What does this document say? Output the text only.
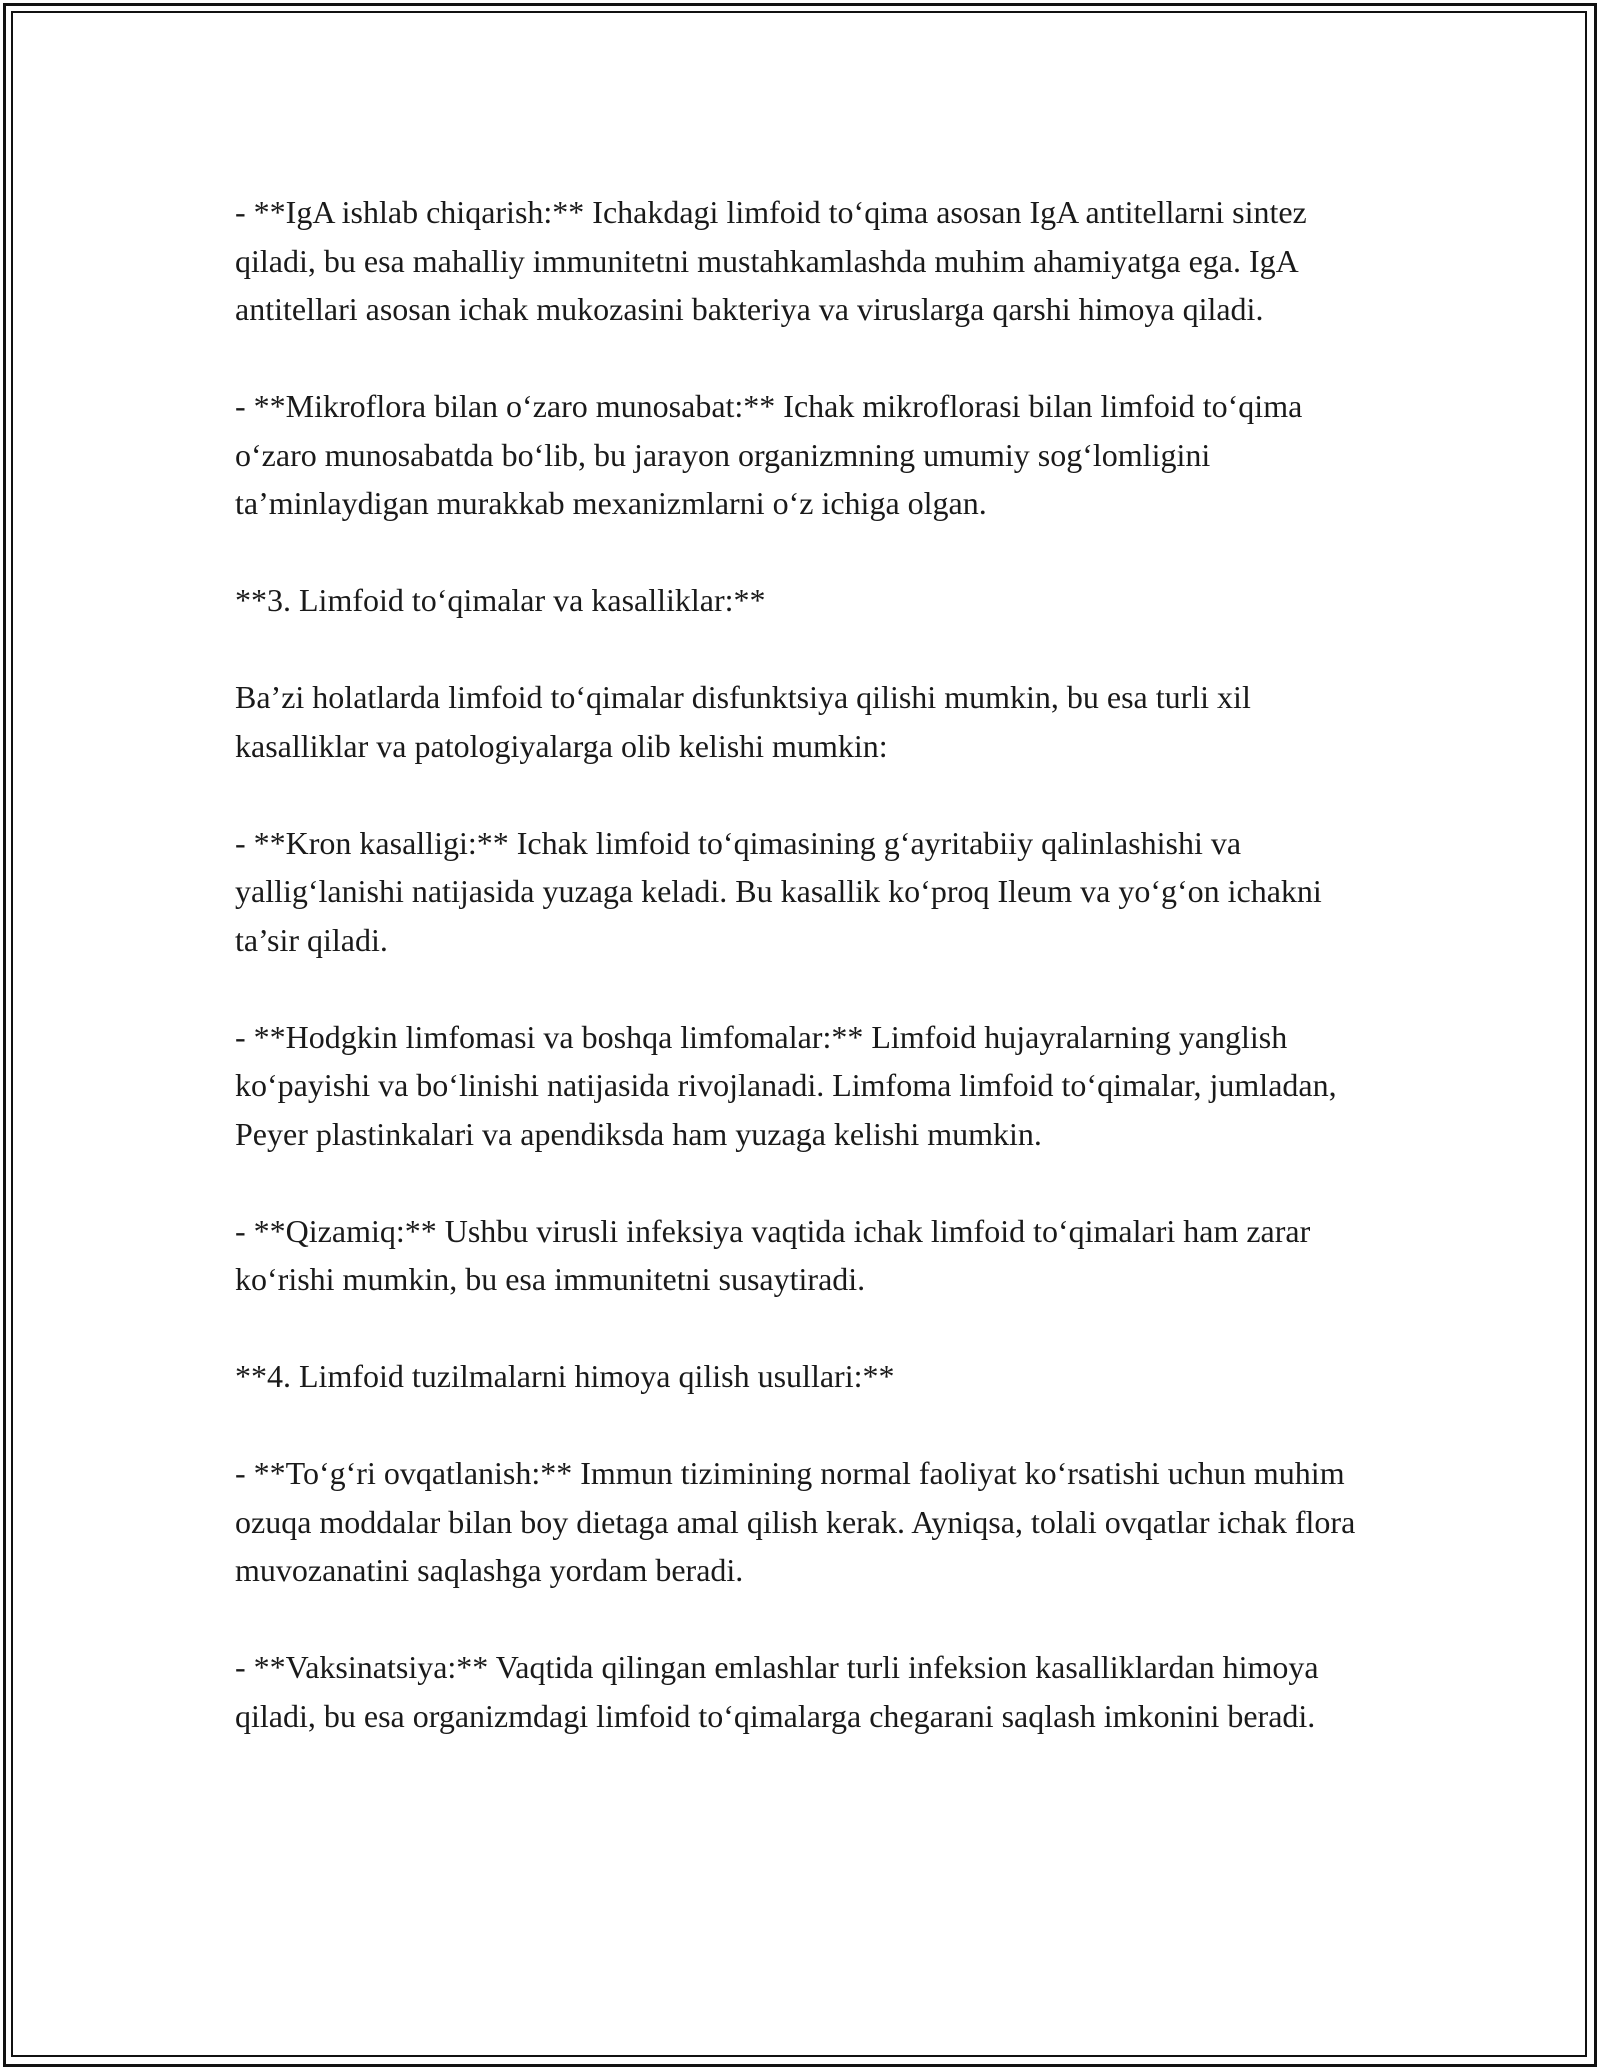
- **IgA ishlab chiqarish:** Ichakdagi limfoid to‘qima asosan IgA antitellarni sintez qiladi, bu esa mahalliy immunitetni mustahkamlashda muhim ahamiyatga ega. IgA antitellari asosan ichak mukozasini bakteriya va viruslarga qarshi himoya qiladi.

- **Mikroflora bilan o‘zaro munosabat:** Ichak mikroflorasi bilan limfoid to‘qima o‘zaro munosabatda bo‘lib, bu jarayon organizmning umumiy sog‘lomligini ta’minlaydigan murakkab mexanizmlarni o‘z ichiga olgan.

**3. Limfoid to‘qimalar va kasalliklar:**

Ba’zi holatlarda limfoid to‘qimalar disfunktsiya qilishi mumkin, bu esa turli xil kasalliklar va patologiyalarga olib kelishi mumkin:

- **Kron kasalligi:** Ichak limfoid to‘qimasining g‘ayritabiiy qalinlashishi va yallig‘lanishi natijasida yuzaga keladi. Bu kasallik ko‘proq Ileum va yo‘g‘on ichakni ta’sir qiladi.

- **Hodgkin limfomasi va boshqa limfomalar:** Limfoid hujayralarning yanglish ko‘payishi va bo‘linishi natijasida rivojlanadi. Limfoma limfoid to‘qimalar, jumladan, Peyer plastinkalari va apendiksda ham yuzaga kelishi mumkin.

- **Qizamiq:** Ushbu virusli infeksiya vaqtida ichak limfoid to‘qimalari ham zarar ko‘rishi mumkin, bu esa immunitetni susaytiradi.

**4. Limfoid tuzilmalarni himoya qilish usullari:**

- **To‘g‘ri ovqatlanish:** Immun tizimining normal faoliyat ko‘rsatishi uchun muhim ozuqa moddalar bilan boy dietaga amal qilish kerak. Ayniqsa, tolali ovqatlar ichak flora muvozanatini saqlashga yordam beradi.

- **Vaksinatsiya:** Vaqtida qilingan emlashlar turli infeksion kasalliklardan himoya qiladi, bu esa organizmdagi limfoid to‘qimalarga chegarani saqlash imkonini beradi.
